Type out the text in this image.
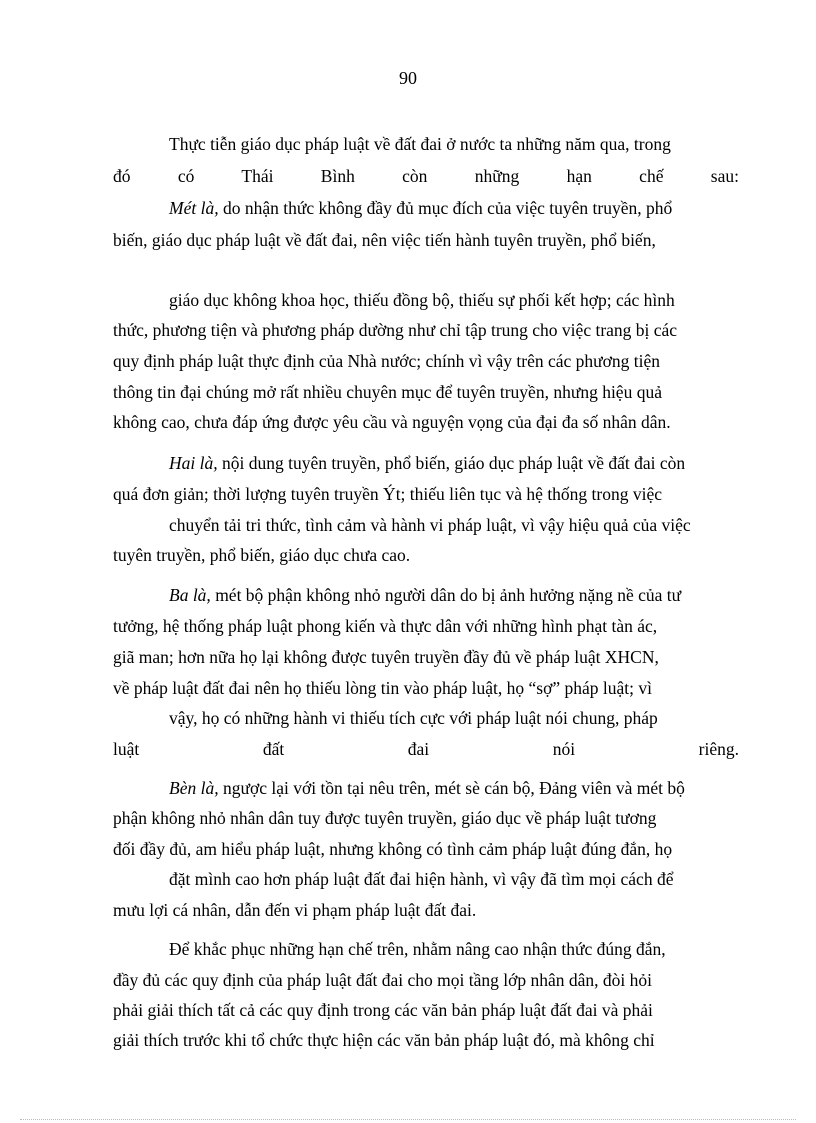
90
Thực tiễn giáo dục pháp luật về đất đai ở nước ta những năm qua, trong
đó có Thái Bình còn những hạn chế sau:
Mét là, do nhận thức không đầy đủ mục đích của việc tuyên truyền, phổ
biến, giáo dục pháp luật về đất đai, nên việc tiến hành tuyên truyền, phổ biến,
giáo dục không khoa học, thiếu đồng bộ, thiếu sự phối kết hợp; các hình
thức, phương tiện và phương pháp dường như chỉ tập trung cho việc trang bị các
quy định pháp luật thực định của Nhà nước; chính vì vậy trên các phương tiện
thông tin đại chúng mở rất nhiều chuyên mục để tuyên truyền, nhưng hiệu quả
không cao, chưa đáp ứng được yêu cầu và nguyện vọng của đại đa số nhân dân.
Hai là, nội dung tuyên truyền, phổ biến, giáo dục pháp luật về đất đai còn
quá đơn giản; thời lượng tuyên truyền Ýt; thiếu liên tục và hệ thống trong việc
chuyển tải tri thức, tình cảm và hành vi pháp luật, vì vậy hiệu quả của việc
tuyên truyền, phổ biến, giáo dục chưa cao.
Ba là, mét bộ phận không nhỏ người dân do bị ảnh hưởng nặng nề của tư
tưởng, hệ thống pháp luật phong kiến và thực dân với những hình phạt tàn ác,
giã man; hơn nữa họ lại không được tuyên truyền đầy đủ về pháp luật XHCN,
về pháp luật đất đai nên họ thiếu lòng tin vào pháp luật, họ “sợ” pháp luật; vì
vậy, họ có những hành vi thiếu tích cực với pháp luật nói chung, pháp
luật đất đai nói riêng.
Bèn là, ngược lại với tồn tại nêu trên, mét sè cán bộ, Đảng viên và mét bộ
phận không nhỏ nhân dân tuy được tuyên truyền, giáo dục về pháp luật tương
đối đầy đủ, am hiểu pháp luật, nhưng không có tình cảm pháp luật đúng đắn, họ
đặt mình cao hơn pháp luật đất đai hiện hành, vì vậy đã tìm mọi cách để
mưu lợi cá nhân, dẫn đến vi phạm pháp luật đất đai.
Để khắc phục những hạn chế trên, nhằm nâng cao nhận thức đúng đắn,
đầy đủ các quy định của pháp luật đất đai cho mọi tầng lớp nhân dân, đòi hỏi
phải giải thích tất cả các quy định trong các văn bản pháp luật đất đai và phải
giải thích trước khi tổ chức thực hiện các văn bản pháp luật đó, mà không chỉ
